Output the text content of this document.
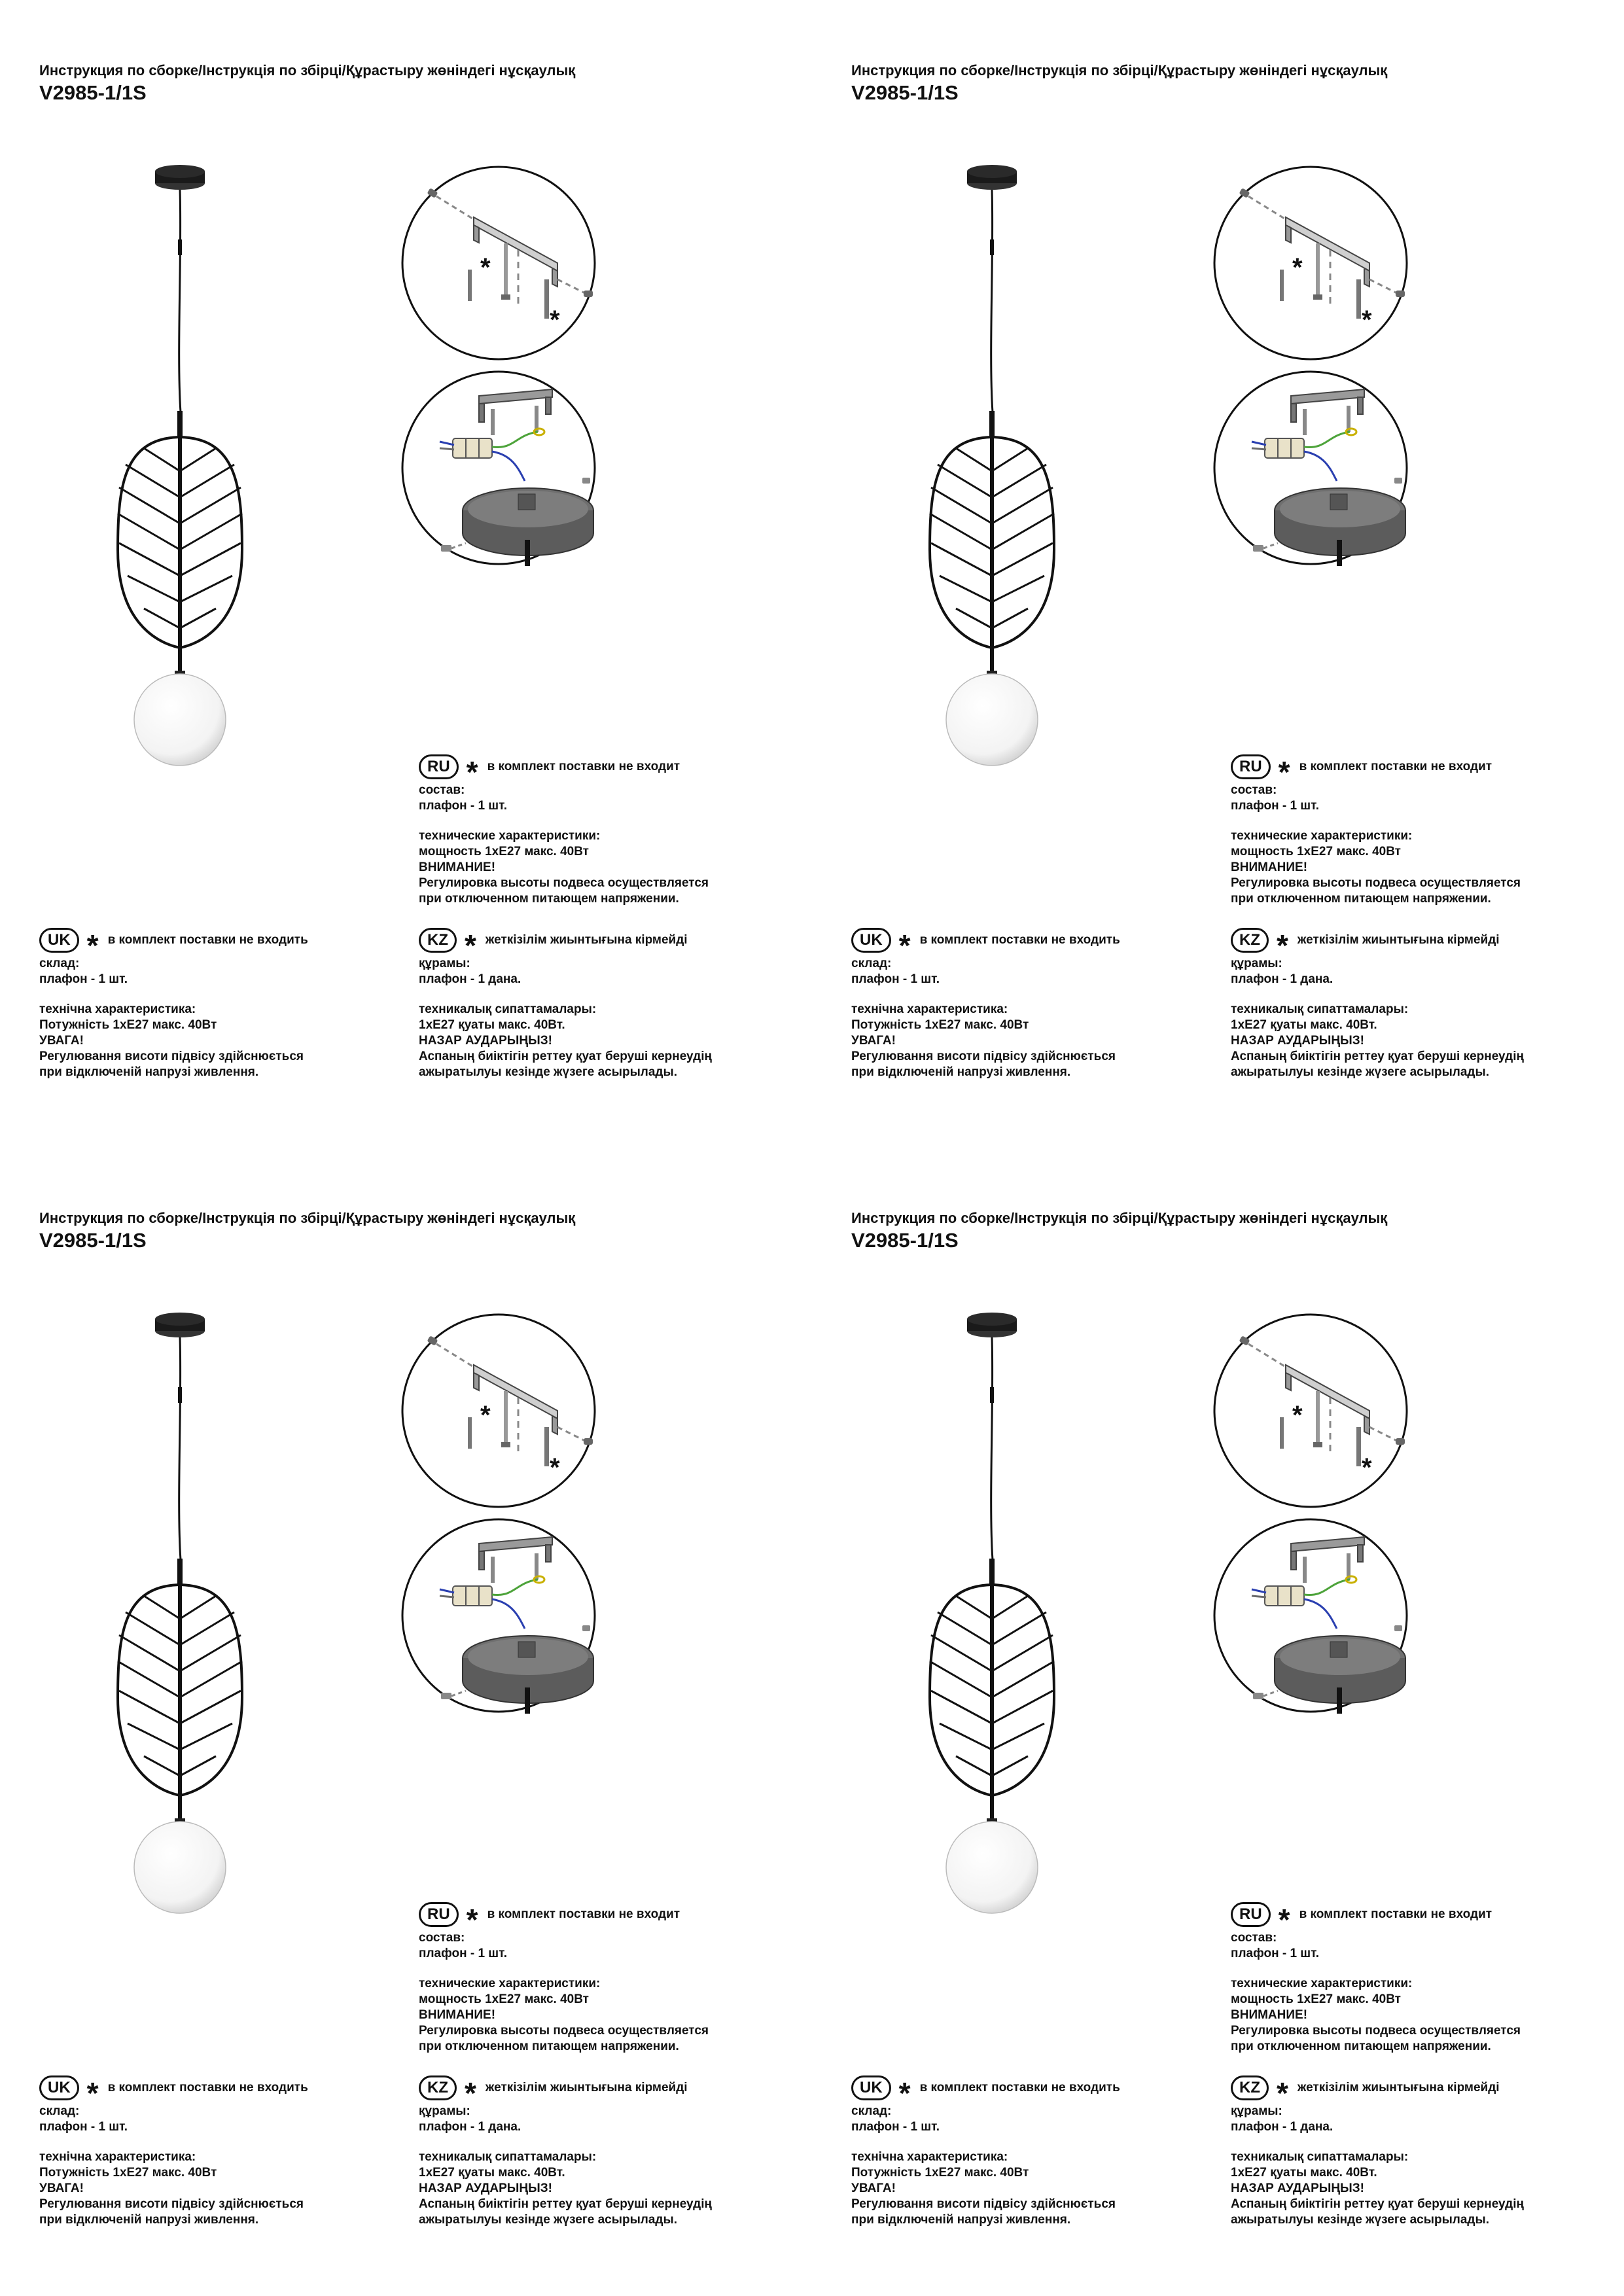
Инструкция по сборке/Інструкція по збірці/Құрастыру жөніндегі нұсқаулық
V2985-1/1S
*
*
RU * в комплект поставки не входит
состав:
плафон - 1 шт.
технические характеристики:
мощность 1хЕ27 макс. 40Вт
ВНИМАНИЕ!
Регулировка высоты подвеса осуществляется
при отключенном питающем напряжении.
UK * в комплект поставки не входить
склад:
плафон - 1 шт.
технічна характеристика:
Потужність 1хЕ27 макс. 40Вт
УВАГА!
Регулювання висоти підвісу здійснюється
при відключеній напрузі живлення.
KZ * жеткізілім жиынтығына кірмейді
құрамы:
плафон - 1 дана.
техникалық сипаттамалары:
1хЕ27 қуаты макс. 40Вт.
НАЗАР АУДАРЫҢЫЗ!
Аспаның биіктігін реттеу қуат беруші кернеудің
ажыратылуы кезінде жүзеге асырылады.
Инструкция по сборке/Інструкція по збірці/Құрастыру жөніндегі нұсқаулық
V2985-1/1S
*
*
RU * в комплект поставки не входит
состав:
плафон - 1 шт.
технические характеристики:
мощность 1хЕ27 макс. 40Вт
ВНИМАНИЕ!
Регулировка высоты подвеса осуществляется
при отключенном питающем напряжении.
UK * в комплект поставки не входить
склад:
плафон - 1 шт.
технічна характеристика:
Потужність 1хЕ27 макс. 40Вт
УВАГА!
Регулювання висоти підвісу здійснюється
при відключеній напрузі живлення.
KZ * жеткізілім жиынтығына кірмейді
құрамы:
плафон - 1 дана.
техникалық сипаттамалары:
1хЕ27 қуаты макс. 40Вт.
НАЗАР АУДАРЫҢЫЗ!
Аспаның биіктігін реттеу қуат беруші кернеудің
ажыратылуы кезінде жүзеге асырылады.
Инструкция по сборке/Інструкція по збірці/Құрастыру жөніндегі нұсқаулық
V2985-1/1S
*
*
RU * в комплект поставки не входит
состав:
плафон - 1 шт.
технические характеристики:
мощность 1хЕ27 макс. 40Вт
ВНИМАНИЕ!
Регулировка высоты подвеса осуществляется
при отключенном питающем напряжении.
UK * в комплект поставки не входить
склад:
плафон - 1 шт.
технічна характеристика:
Потужність 1хЕ27 макс. 40Вт
УВАГА!
Регулювання висоти підвісу здійснюється
при відключеній напрузі живлення.
KZ * жеткізілім жиынтығына кірмейді
құрамы:
плафон - 1 дана.
техникалық сипаттамалары:
1хЕ27 қуаты макс. 40Вт.
НАЗАР АУДАРЫҢЫЗ!
Аспаның биіктігін реттеу қуат беруші кернеудің
ажыратылуы кезінде жүзеге асырылады.
Инструкция по сборке/Інструкція по збірці/Құрастыру жөніндегі нұсқаулық
V2985-1/1S
*
*
RU * в комплект поставки не входит
состав:
плафон - 1 шт.
технические характеристики:
мощность 1хЕ27 макс. 40Вт
ВНИМАНИЕ!
Регулировка высоты подвеса осуществляется
при отключенном питающем напряжении.
UK * в комплект поставки не входить
склад:
плафон - 1 шт.
технічна характеристика:
Потужність 1хЕ27 макс. 40Вт
УВАГА!
Регулювання висоти підвісу здійснюється
при відключеній напрузі живлення.
KZ * жеткізілім жиынтығына кірмейді
құрамы:
плафон - 1 дана.
техникалық сипаттамалары:
1хЕ27 қуаты макс. 40Вт.
НАЗАР АУДАРЫҢЫЗ!
Аспаның биіктігін реттеу қуат беруші кернеудің
ажыратылуы кезінде жүзеге асырылады.
